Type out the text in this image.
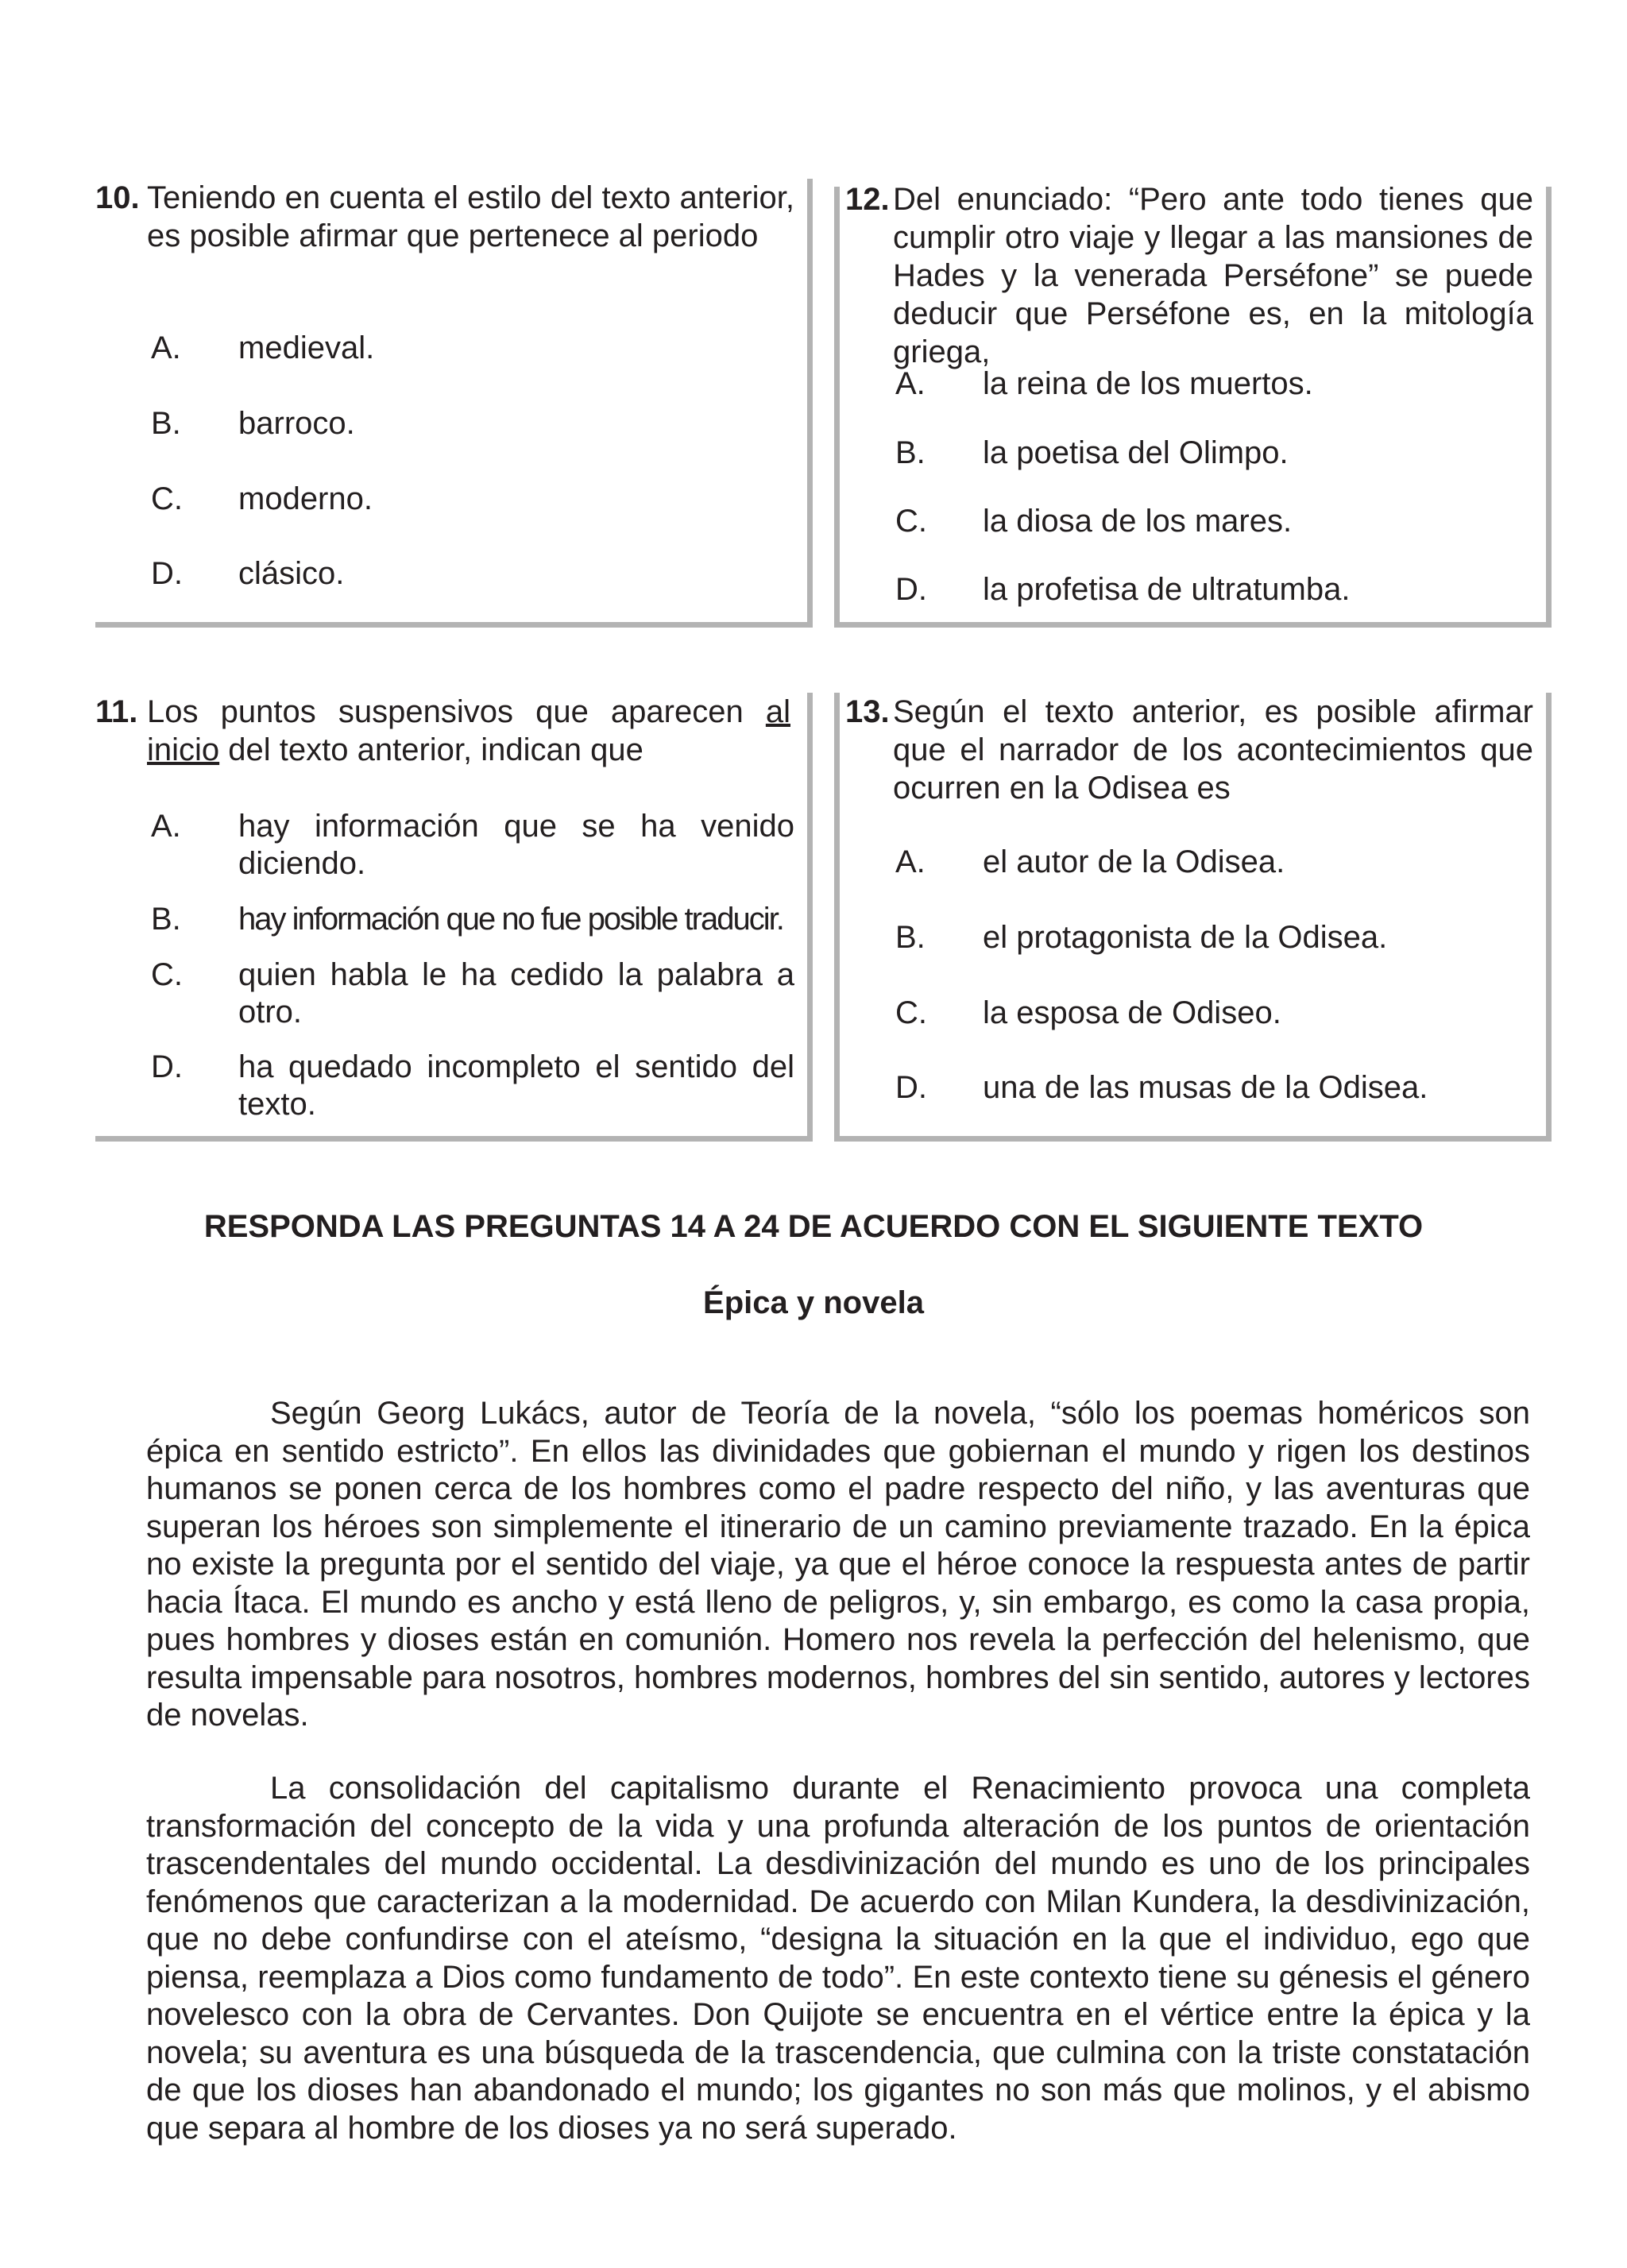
10. Teniendo en cuenta el estilo del texto anterior, es posible afirmar que pertenece al periodo
A. medieval.
B. barroco.
C. moderno.
D. clásico.
12. Del enunciado: “Pero ante todo tienes que cumplir otro viaje y llegar a las mansiones de Hades y la venerada Perséfone” se puede deducir que Perséfone es, en la mitología griega,
A. la reina de los muertos.
B. la poetisa del Olimpo.
C. la diosa de los mares.
D. la profetisa de ultratumba.
11. Los puntos suspensivos que aparecen al inicio del texto anterior, indican que
A. hay información que se ha venido diciendo.
B. hay información que no fue posible traducir.
C. quien habla le ha cedido la palabra a otro.
D. ha quedado incompleto el sentido del texto.
13. Según el texto anterior, es posible afirmar que el narrador de los acontecimientos que ocurren en la Odisea es
A. el autor de la Odisea.
B. el protagonista de la Odisea.
C. la esposa de Odiseo.
D. una de las musas de la Odisea.
RESPONDA LAS PREGUNTAS 14 A 24 DE ACUERDO CON EL SIGUIENTE TEXTO
Épica y novela
Según Georg Lukács, autor de Teoría de la novela, “sólo los poemas homéricos son épica en sentido estricto”. En ellos las divinidades que gobiernan el mundo y rigen los destinos humanos se ponen cerca de los hombres como el padre respecto del niño, y las aventuras que superan los héroes son simplemente el itinerario de un camino previamente trazado. En la épica no existe la pregunta por el sentido del viaje, ya que el héroe conoce la respuesta antes de partir hacia Ítaca. El mundo es ancho y está lleno de peligros, y, sin embargo, es como la casa propia, pues hombres y dioses están en comunión. Homero nos revela la perfección del helenismo, que resulta impensable para nosotros, hombres modernos, hombres del sin sentido, autores y lectores de novelas.
La consolidación del capitalismo durante el Renacimiento provoca una completa transformación del concepto de la vida y una profunda alteración de los puntos de orientación trascendentales del mundo occidental. La desdivinización del mundo es uno de los principales fenómenos que caracterizan a la modernidad. De acuerdo con Milan Kundera, la desdivinización, que no debe confundirse con el ateísmo, “designa la situación en la que el individuo, ego que piensa, reemplaza a Dios como fundamento de todo”. En este contexto tiene su génesis el género novelesco con la obra de Cervantes. Don Quijote se encuentra en el vértice entre la épica y la novela; su aventura es una búsqueda de la trascendencia, que culmina con la triste constatación de que los dioses han abandonado el mundo; los gigantes no son más que molinos, y el abismo que separa al hombre de los dioses ya no será superado.
